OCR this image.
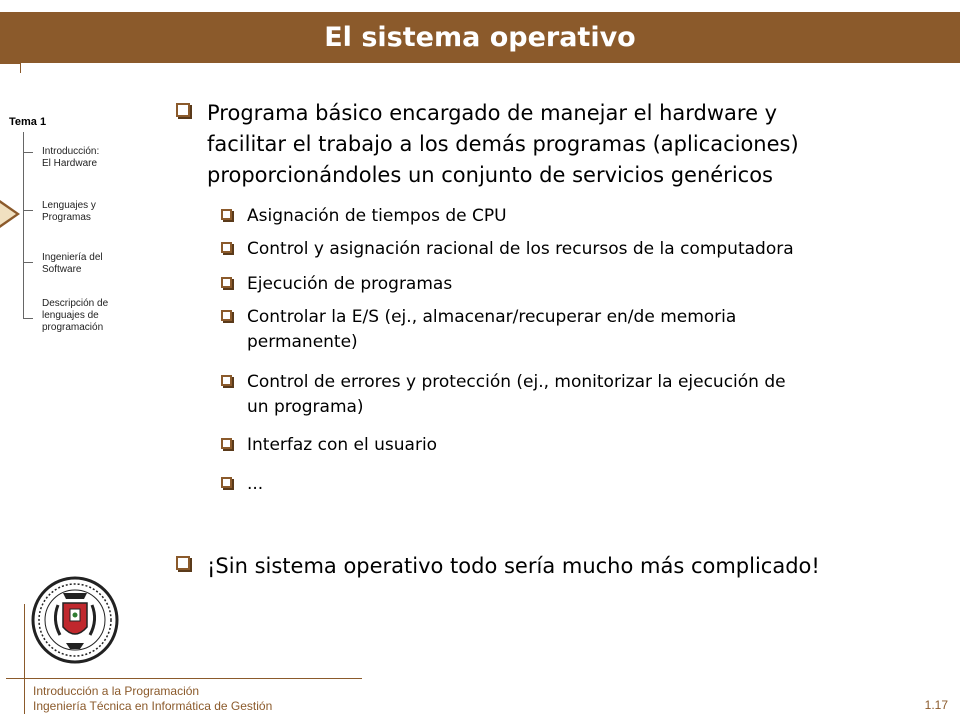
El sistema operativo
Tema 1
Introducción:
El Hardware
Lenguajes y
Programas
Ingeniería del
Software
Descripción de
lenguajes de
programación
Programa básico encargado de manejar el hardware y
facilitar el trabajo a los demás programas (aplicaciones)
proporcionándoles un conjunto de servicios genéricos
Asignación de tiempos de CPU
Control y asignación racional de los recursos de la computadora
Ejecución de programas
Controlar la E/S (ej., almacenar/recuperar en/de memoria
permanente)
Control de errores y protección (ej., monitorizar la ejecución de
un programa)
Interfaz con el usuario
...
¡Sin sistema operativo todo sería mucho más complicado!
Introducción a la Programación
Ingeniería Técnica en Informática de Gestión	1.17
